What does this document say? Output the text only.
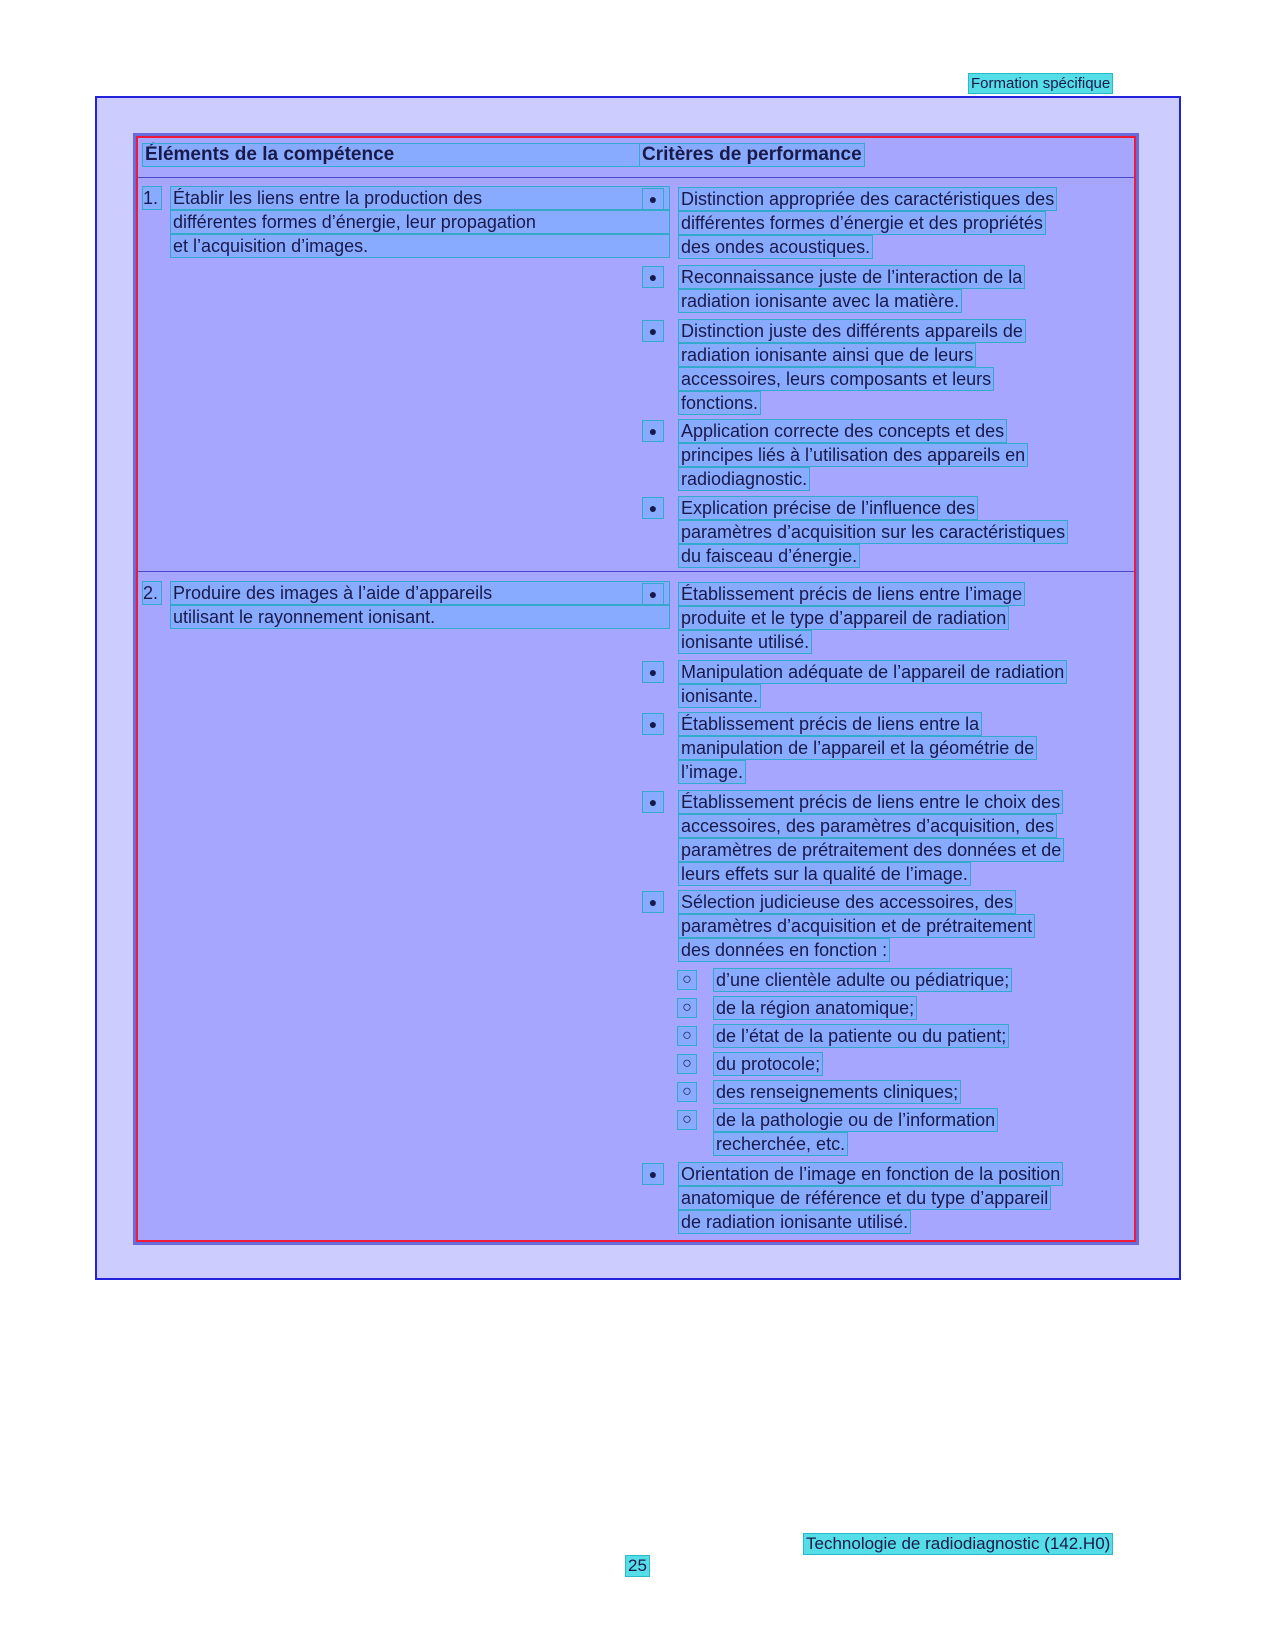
Formation spécifique
Éléments de la compétence	Critères de performance
1. Établir les liens entre la production des
différentes formes d’énergie, leur propagation
et l’acquisition d’images.
●	Distinction appropriée des caractéristiques des
différentes formes d’énergie et des propriétés
des ondes acoustiques.
●	Reconnaissance juste de l’interaction de la
radiation ionisante avec la matière.
●	Distinction juste des différents appareils de
radiation ionisante ainsi que de leurs
accessoires, leurs composants et leurs
fonctions.
●	Application correcte des concepts et des
principes liés à l’utilisation des appareils en
radiodiagnostic.
●	Explication précise de l’influence des
paramètres d’acquisition sur les caractéristiques
du faisceau d’énergie.
2. Produire des images à l’aide d’appareils
utilisant le rayonnement ionisant.
●	Établissement précis de liens entre l’image
produite et le type d’appareil de radiation
ionisante utilisé.
●	Manipulation adéquate de l’appareil de radiation
ionisante.
●	Établissement précis de liens entre la
manipulation de l’appareil et la géométrie de
l’image.
●	Établissement précis de liens entre le choix des
accessoires, des paramètres d’acquisition, des
paramètres de prétraitement des données et de
leurs effets sur la qualité de l’image.
●	Sélection judicieuse des accessoires, des
paramètres d’acquisition et de prétraitement
des données en fonction :
○ d’une clientèle adulte ou pédiatrique;
○ de la région anatomique;
○ de l’état de la patiente ou du patient;
○ du protocole;
○ des renseignements cliniques;
○ de la pathologie ou de l’information
recherchée, etc.
●	Orientation de l’image en fonction de la position
anatomique de référence et du type d’appareil
de radiation ionisante utilisé.
Technologie de radiodiagnostic (142.H0)
25
